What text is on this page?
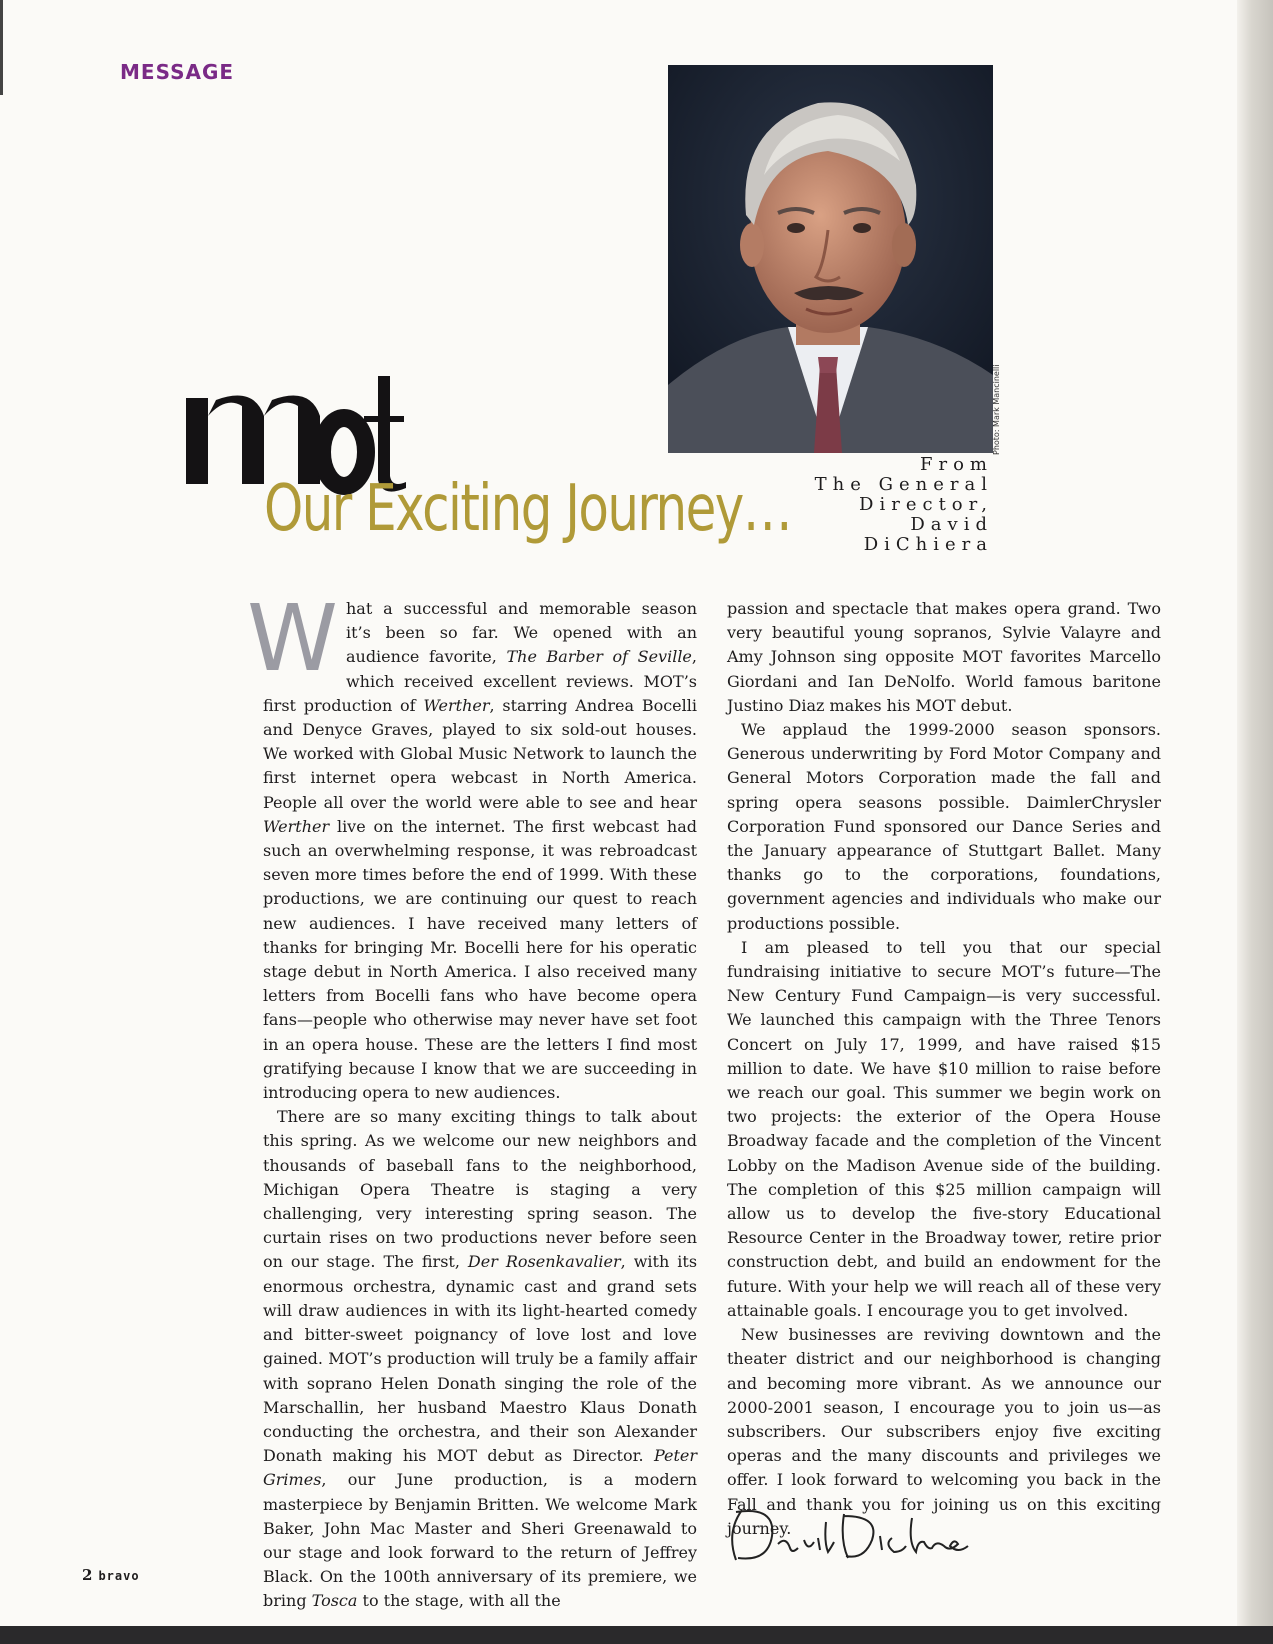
MESSAGE
Photo: Mark Mancinelli
Our Exciting Journey…
From
The General
Director,
David
DiChiera

What a successful and memorable season it’s been so far. We opened with an audience favorite, The Barber of Seville, which received excellent reviews. MOT’s first production of Werther, starring Andrea Bocelli and Denyce Graves, played to six sold-out houses. We worked with Global Music Network to launch the first internet opera webcast in North America. People all over the world were able to see and hear Werther live on the internet. The first webcast had such an overwhelming response, it was rebroadcast seven more times before the end of 1999. With these productions, we are continuing our quest to reach new audiences. I have received many letters of thanks for bringing Mr. Bocelli here for his operatic stage debut in North America. I also received many letters from Bocelli fans who have become opera fans—people who otherwise may never have set foot in an opera house. These are the letters I find most gratifying because I know that we are succeeding in introducing opera to new audiences.

There are so many exciting things to talk about this spring. As we welcome our new neighbors and thousands of baseball fans to the neighborhood, Michigan Opera Theatre is staging a very challenging, very interesting spring season. The curtain rises on two productions never before seen on our stage. The first, Der Rosenkavalier, with its enormous orchestra, dynamic cast and grand sets will draw audiences in with its light-hearted comedy and bitter-sweet poignancy of love lost and love gained. MOT’s production will truly be a family affair with soprano Helen Donath singing the role of the Marschallin, her husband Maestro Klaus Donath conducting the orchestra, and their son Alexander Donath making his MOT debut as Director. Peter Grimes, our June production, is a modern masterpiece by Benjamin Britten. We welcome Mark Baker, John Mac Master and Sheri Greenawald to our stage and look forward to the return of Jeffrey Black. On the 100th anniversary of its premiere, we bring Tosca to the stage, with all the

passion and spectacle that makes opera grand. Two very beautiful young sopranos, Sylvie Valayre and Amy Johnson sing opposite MOT favorites Marcello Giordani and Ian DeNolfo. World famous baritone Justino Diaz makes his MOT debut.

We applaud the 1999-2000 season sponsors. Generous underwriting by Ford Motor Company and General Motors Corporation made the fall and spring opera seasons possible. DaimlerChrysler Corporation Fund sponsored our Dance Series and the January appearance of Stuttgart Ballet. Many thanks go to the corporations, foundations, government agencies and individuals who make our productions possible.

I am pleased to tell you that our special fundraising initiative to secure MOT’s future—The New Century Fund Campaign—is very successful. We launched this campaign with the Three Tenors Concert on July 17, 1999, and have raised $15 million to date. We have $10 million to raise before we reach our goal. This summer we begin work on two projects: the exterior of the Opera House Broadway facade and the completion of the Vincent Lobby on the Madison Avenue side of the building. The completion of this $25 million campaign will allow us to develop the five-story Educational Resource Center in the Broadway tower, retire prior construction debt, and build an endowment for the future. With your help we will reach all of these very attainable goals. I encourage you to get involved.

New businesses are reviving downtown and the theater district and our neighborhood is changing and becoming more vibrant. As we announce our 2000-2001 season, I encourage you to join us—as subscribers. Our subscribers enjoy five exciting operas and the many discounts and privileges we offer. I look forward to welcoming you back in the Fall and thank you for joining us on this exciting journey.

2 bravo
